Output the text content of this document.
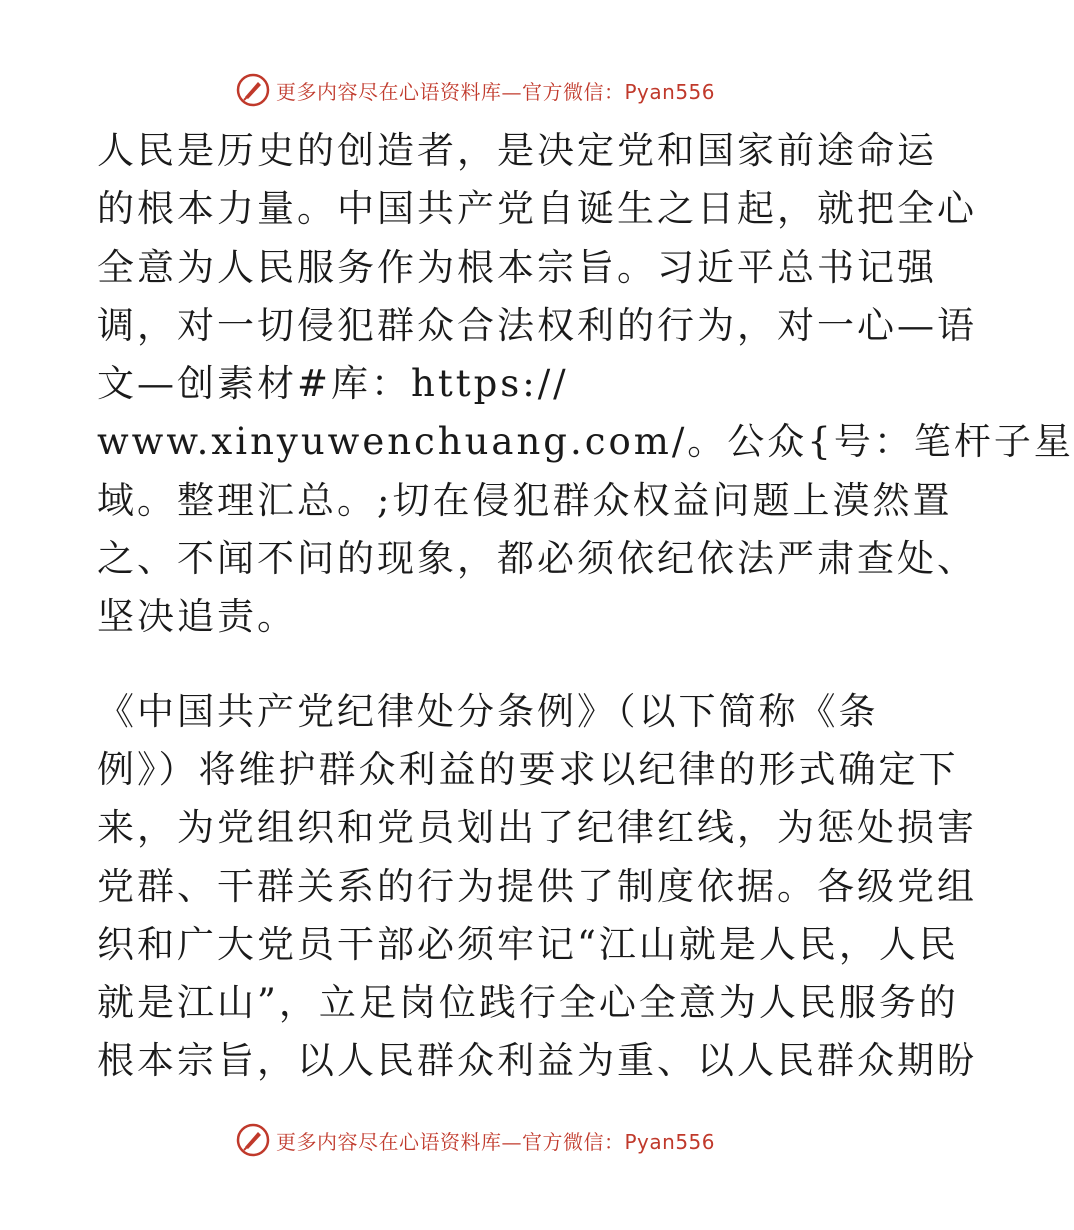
更多内容尽在心语资料库—官方微信：Pyan556

人民是历史的创造者，是决定党和国家前途命运
的根本力量。中国共产党自诞生之日起，就把全心
全意为人民服务作为根本宗旨。习近平总书记强
调，对一切侵犯群众合法权利的行为，对一心—语
文—创素材#库：https://
www.xinyuwenchuang.com/。公众{号：笔杆子星
域。整理汇总。;切在侵犯群众权益问题上漠然置
之、不闻不问的现象，都必须依纪依法严肃查处、
坚决追责。

《中国共产党纪律处分条例》（以下简称《条
例》）将维护群众利益的要求以纪律的形式确定下
来，为党组织和党员划出了纪律红线，为惩处损害
党群、干群关系的行为提供了制度依据。各级党组
织和广大党员干部必须牢记“江山就是人民，人民
就是江山”，立足岗位践行全心全意为人民服务的
根本宗旨，以人民群众利益为重、以人民群众期盼

更多内容尽在心语资料库—官方微信：Pyan556
